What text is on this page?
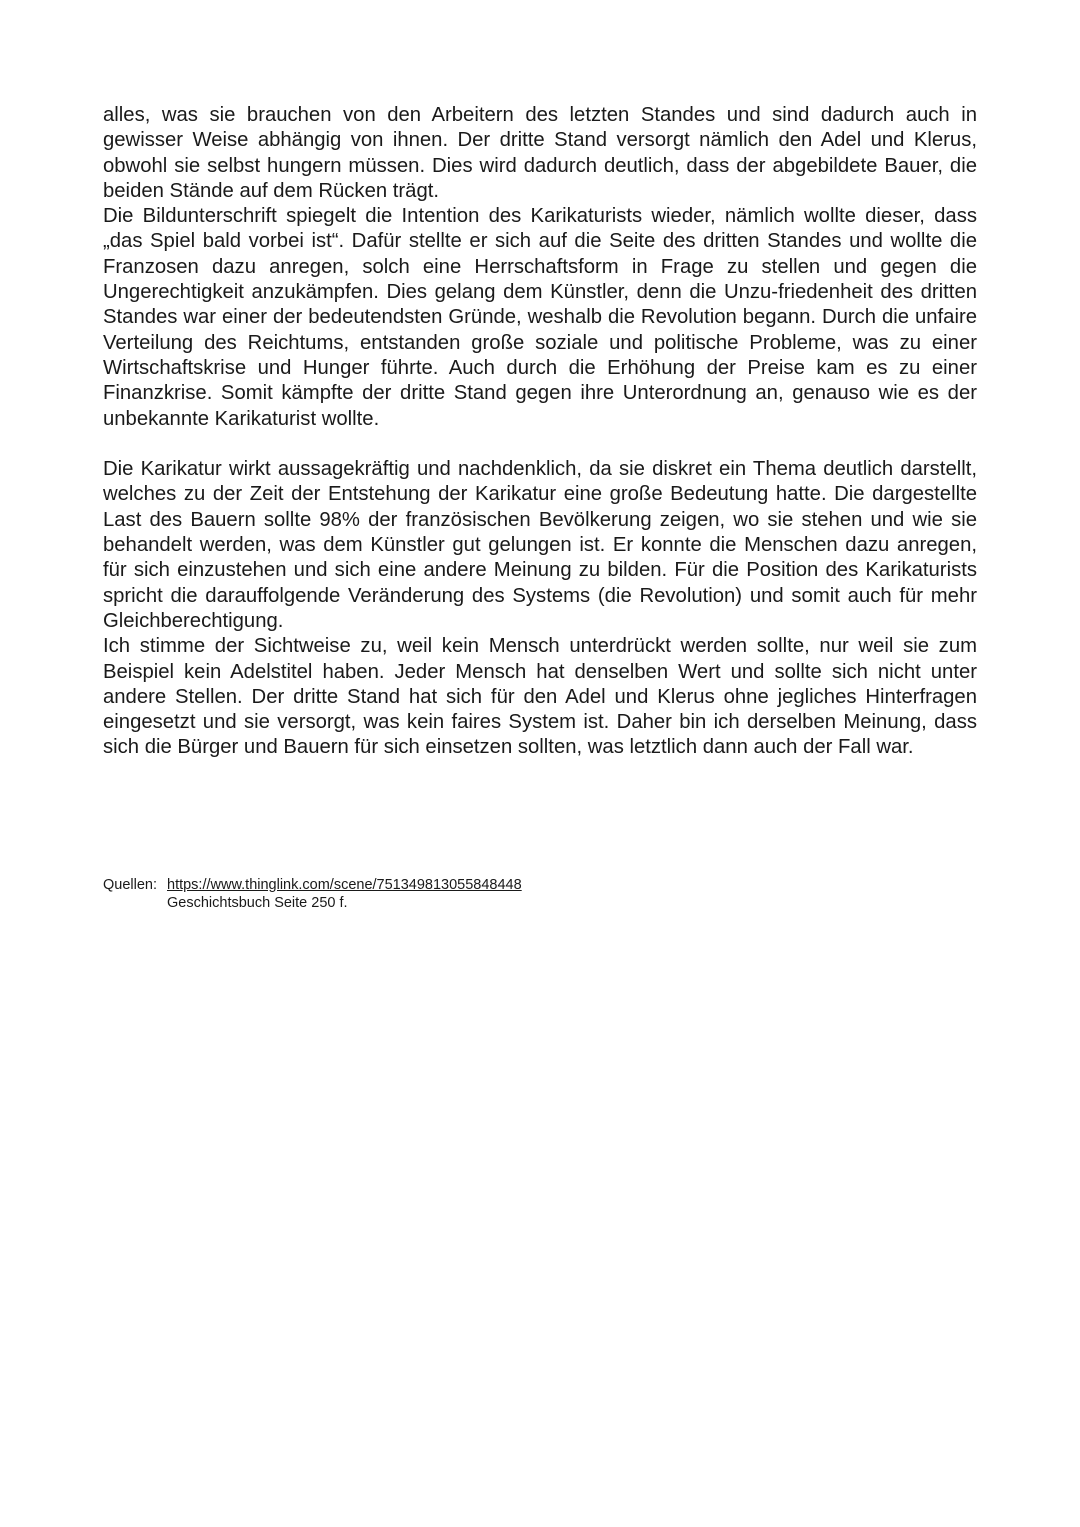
alles, was sie brauchen von den Arbeitern des letzten Standes und sind dadurch auch in gewisser Weise abhängig von ihnen. Der dritte Stand versorgt nämlich den Adel und Klerus, obwohl sie selbst hungern müssen. Dies wird dadurch deutlich, dass der abgebildete Bauer, die beiden Stände auf dem Rücken trägt.

Die Bildunterschrift spiegelt die Intention des Karikaturists wieder, nämlich wollte dieser, dass „das Spiel bald vorbei ist“. Dafür stellte er sich auf die Seite des dritten Standes und wollte die Franzosen dazu anregen, solch eine Herrschaftsform in Frage zu stellen und gegen die Ungerechtigkeit anzukämpfen. Dies gelang dem Künstler, denn die Unzu-friedenheit des dritten Standes war einer der bedeutendsten Gründe, weshalb die Revolution begann. Durch die unfaire Verteilung des Reichtums, entstanden große soziale und politische Probleme, was zu einer Wirtschaftskrise und Hunger führte. Auch durch die Erhöhung der Preise kam es zu einer Finanzkrise. Somit kämpfte der dritte Stand gegen ihre Unterordnung an, genauso wie es der unbekannte Karikaturist wollte.

Die Karikatur wirkt aussagekräftig und nachdenklich, da sie diskret ein Thema deutlich darstellt, welches zu der Zeit der Entstehung der Karikatur eine große Bedeutung hatte. Die dargestellte Last des Bauern sollte 98% der französischen Bevölkerung zeigen, wo sie stehen und wie sie behandelt werden, was dem Künstler gut gelungen ist. Er konnte die Menschen dazu anregen, für sich einzustehen und sich eine andere Meinung zu bilden. Für die Position des Karikaturists spricht die darauffolgende Veränderung des Systems (die Revolution) und somit auch für mehr Gleichberechtigung.

Ich stimme der Sichtweise zu, weil kein Mensch unterdrückt werden sollte, nur weil sie zum Beispiel kein Adelstitel haben. Jeder Mensch hat denselben Wert und sollte sich nicht unter andere Stellen. Der dritte Stand hat sich für den Adel und Klerus ohne jegliches Hinterfragen eingesetzt und sie versorgt, was kein faires System ist. Daher bin ich derselben Meinung, dass sich die Bürger und Bauern für sich einsetzen sollten, was letztlich dann auch der Fall war.

Quellen: https://www.thinglink.com/scene/751349813055848448
Geschichtsbuch Seite 250 f.
